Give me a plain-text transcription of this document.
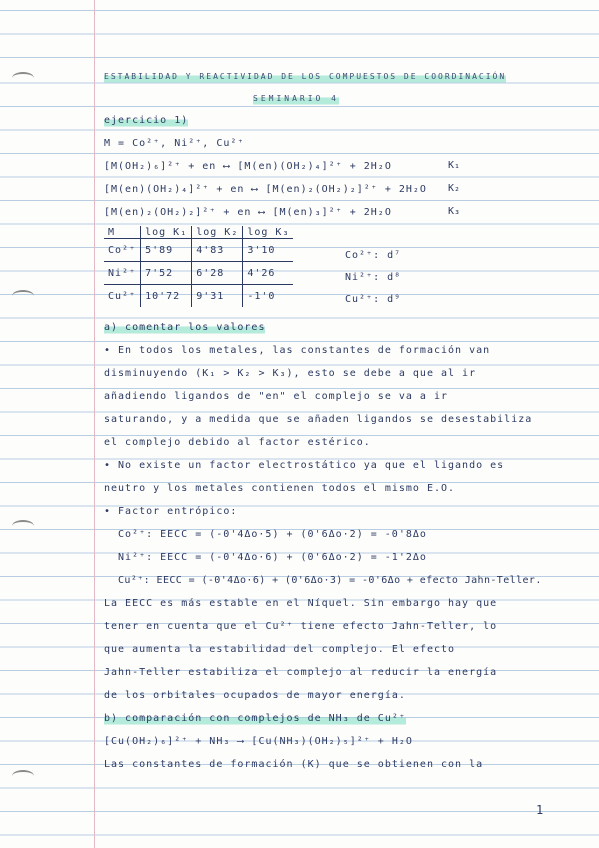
ESTABILIDAD Y REACTIVIDAD DE LOS COMPUESTOS DE COORDINACIÓN
SEMINARIO 4
ejercicio 1)
M = Co²⁺, Ni²⁺, Cu²⁺
[M(OH₂)₆]²⁺ + en ⟷ [M(en)(OH₂)₄]²⁺ + 2H₂O	K₁
[M(en)(OH₂)₄]²⁺ + en ⟷ [M(en)₂(OH₂)₂]²⁺ + 2H₂O K₂
[M(en)₂(OH₂)₂]²⁺ + en ⟷ [M(en)₃]²⁺ + 2H₂O	K₃
M	log K₁	log K₂	log K₃
Co²⁺	5'89	4'83	3'10
Ni²⁺	7'52	6'28	4'26
Cu²⁺	10'72	9'31	-1'0
Co²⁺: d⁷
Ni²⁺: d⁸
Cu²⁺: d⁹
a) comentar los valores
• En todos los metales, las constantes de formación van
disminuyendo (K₁ > K₂ > K₃), esto se debe a que al ir
añadiendo ligandos de "en" el complejo se va a ir
saturando, y a medida que se añaden ligandos se desestabiliza
el complejo debido al factor estérico.
• No existe un factor electrostático ya que el ligando es
neutro y los metales contienen todos el mismo E.O.
• Factor entrópico:
Co²⁺: EECC = (-0'4Δo·5) + (0'6Δo·2) = -0'8Δo
Ni²⁺: EECC = (-0'4Δo·6) + (0'6Δo·2) = -1'2Δo
Cu²⁺: EECC = (-0'4Δo·6) + (0'6Δo·3) = -0'6Δo + efecto Jahn-Teller.
La EECC es más estable en el Níquel. Sin embargo hay que
tener en cuenta que el Cu²⁺ tiene efecto Jahn-Teller, lo
que aumenta la estabilidad del complejo. El efecto
Jahn-Teller estabiliza el complejo al reducir la energía
de los orbitales ocupados de mayor energía.
b) comparación con complejos de NH₃ de Cu²⁺
[Cu(OH₂)₆]²⁺ + NH₃ ⟶ [Cu(NH₃)(OH₂)₅]²⁺ + H₂O
Las constantes de formación (K) que se obtienen con la
1
